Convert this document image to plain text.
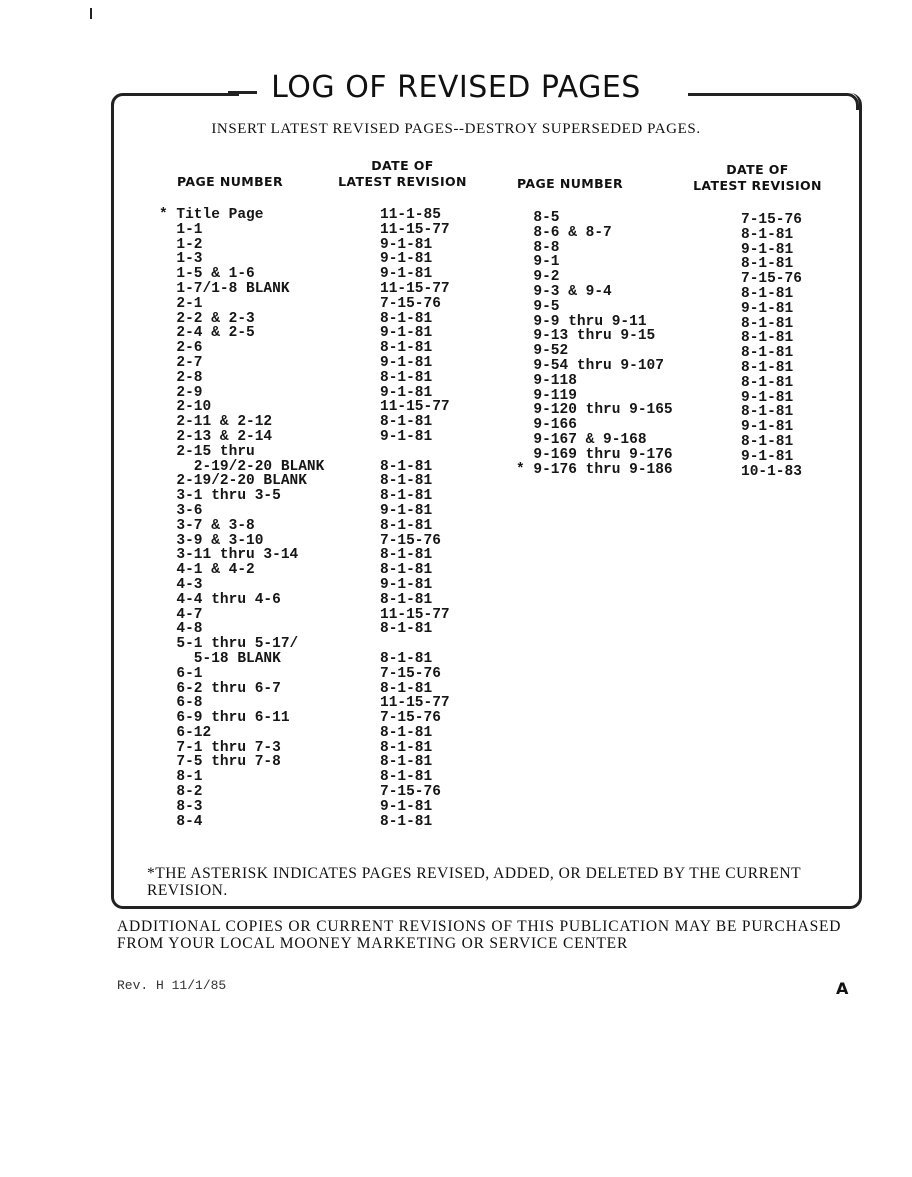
LOG OF REVISED PAGES
INSERT LATEST REVISED PAGES--DESTROY SUPERSEDED PAGES.
PAGE NUMBER
DATE OF
LATEST REVISION	PAGE NUMBER
DATE OF
LATEST REVISION
* Title Page
1-1
1-2
1-3
1-5 & 1-6
1-7/1-8 BLANK
2-1
2-2 & 2-3
2-4 & 2-5
2-6
2-7
2-8
2-9
2-10
2-11 & 2-12
2-13 & 2-14
2-15 thru
2-19/2-20 BLANK
2-19/2-20 BLANK
3-1 thru 3-5
3-6
3-7 & 3-8
3-9 & 3-10
3-11 thru 3-14
4-1 & 4-2
4-3
4-4 thru 4-6
4-7
4-8
5-1 thru 5-17/
5-18 BLANK
6-1
6-2 thru 6-7
6-8
6-9 thru 6-11
6-12
7-1 thru 7-3
7-5 thru 7-8
8-1
8-2
8-3
8-4
11-1-85
11-15-77
9-1-81
9-1-81
9-1-81
11-15-77
7-15-76
8-1-81
9-1-81
8-1-81
9-1-81
8-1-81
9-1-81
11-15-77
8-1-81
9-1-81
8-1-81
8-1-81
8-1-81
9-1-81
8-1-81
7-15-76
8-1-81
8-1-81
9-1-81
8-1-81
11-15-77
8-1-81
8-1-81
7-15-76
8-1-81
11-15-77
7-15-76
8-1-81
8-1-81
8-1-81
8-1-81
7-15-76
9-1-81
8-1-81
8-5
8-6 & 8-7
8-8
9-1
9-2
9-3 & 9-4
9-5
9-9 thru 9-11
9-13 thru 9-15
9-52
9-54 thru 9-107
9-118
9-119
9-120 thru 9-165
9-166
9-167 & 9-168
9-169 thru 9-176
* 9-176 thru 9-186
7-15-76
8-1-81
9-1-81
8-1-81
7-15-76
8-1-81
9-1-81
8-1-81
8-1-81
8-1-81
8-1-81
8-1-81
9-1-81
8-1-81
9-1-81
8-1-81
9-1-81
10-1-83
*THE ASTERISK INDICATES PAGES REVISED, ADDED, OR DELETED BY THE CURRENT REVISION.
ADDITIONAL COPIES OR CURRENT REVISIONS OF THIS PUBLICATION MAY BE PURCHASED FROM YOUR LOCAL MOONEY MARKETING OR SERVICE CENTER
Rev. H 11/1/85	A
